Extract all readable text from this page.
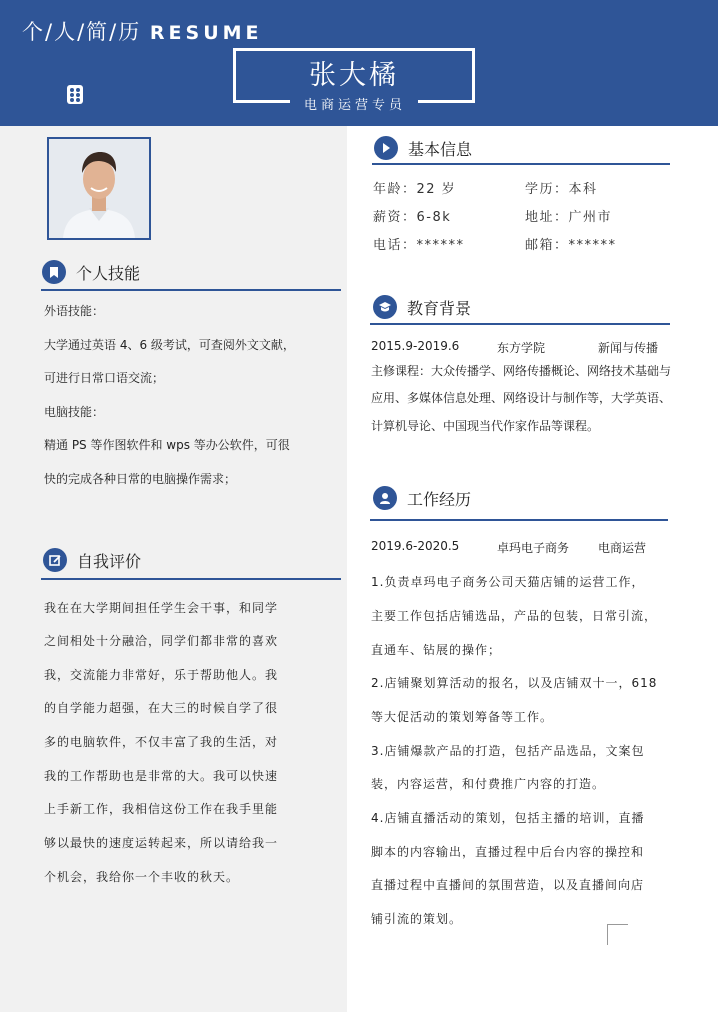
个/人/简/历 RESUME
张大橘
电商运营专员
个人技能
外语技能：
大学通过英语 4、6 级考试，可查阅外文文献，
可进行日常口语交流；
电脑技能：
精通 PS 等作图软件和 wps 等办公软件，可很
快的完成各种日常的电脑操作需求；
自我评价
我在在大学期间担任学生会干事，和同学
之间相处十分融洽，同学们都非常的喜欢
我，交流能力非常好，乐于帮助他人。我
的自学能力超强，在大三的时候自学了很
多的电脑软件，不仅丰富了我的生活，对
我的工作帮助也是非常的大。我可以快速
上手新工作，我相信这份工作在我手里能
够以最快的速度运转起来，所以请给我一
个机会，我给你一个丰收的秋天。
基本信息
年龄：22 岁	学历：本科
薪资：6-8k	地址：广州市
电话：******	邮箱：******
教育背景
2015.9-2019.6	东方学院	新闻与传播
主修课程：大众传播学、网络传播概论、网络技术基础与
应用、多媒体信息处理、网络设计与制作等，大学英语、
计算机导论、中国现当代作家作品等课程。
工作经历
2019.6-2020.5	卓玛电子商务 电商运营
1.负责卓玛电子商务公司天猫店铺的运营工作，
主要工作包括店铺选品，产品的包装，日常引流，
直通车、钻展的操作；
2.店铺聚划算活动的报名，以及店铺双十一，618
等大促活动的策划筹备等工作。
3.店铺爆款产品的打造，包括产品选品，文案包
装，内容运营，和付费推广内容的打造。
4.店铺直播活动的策划，包括主播的培训，直播
脚本的内容输出，直播过程中后台内容的操控和
直播过程中直播间的氛围营造，以及直播间向店
铺引流的策划。
